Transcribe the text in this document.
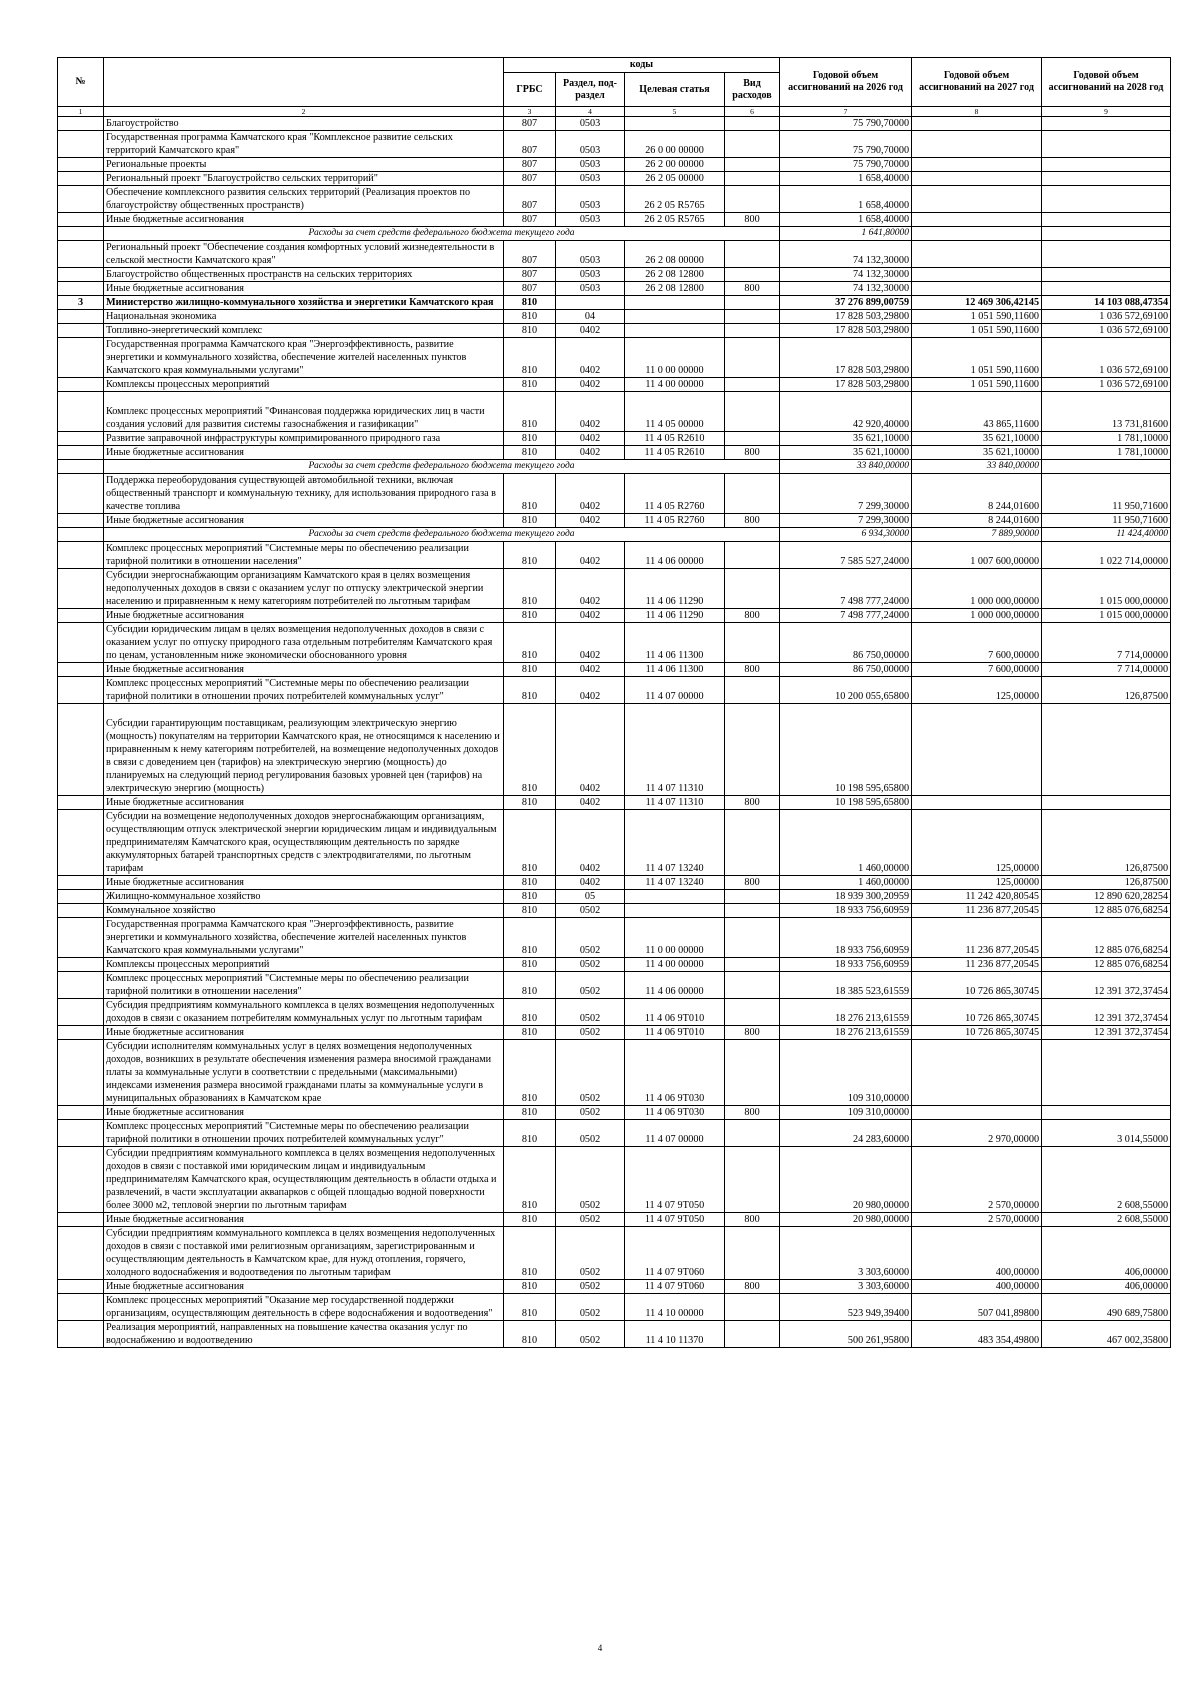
№		коды				Годовой объем ассигнований на 2026 год	Годовой объем ассигнований на 2027 год	Годовой объем ассигнований на 2028 год
		ГРБС	Раздел, под-раздел	Целевая статья	Вид расходов			
1	2	3	4	5	6	7	8	9
	Благоустройство	807	0503			75 790,70000		
	Государственная программа Камчатского края "Комплексное развитие сельских территорий Камчатского края"	807	0503	26 0 00 00000		75 790,70000		
	Региональные проекты	807	0503	26 2 00 00000		75 790,70000		
	Региональный проект "Благоустройство сельских территорий"	807	0503	26 2 05 00000		1 658,40000		
	Обеспечение комплексного развития сельских территорий (Реализация проектов по благоустройству общественных пространств)	807	0503	26 2 05 R5765		1 658,40000		
	Иные бюджетные ассигнования	807	0503	26 2 05 R5765	800	1 658,40000		
	Расходы за счет средств федерального бюджета текущего года					1 641,80000		
	Региональный проект "Обеспечение создания комфортных условий жизнедеятельности в сельской местности Камчатского края"	807	0503	26 2 08 00000		74 132,30000		
	Благоустройство общественных пространств на сельских территориях	807	0503	26 2 08 12800		74 132,30000		
	Иные бюджетные ассигнования	807	0503	26 2 08 12800	800	74 132,30000		
3	Министерство жилищно-коммунального хозяйства и энергетики Камчатского края	810				37 276 899,00759	12 469 306,42145	14 103 088,47354
	Национальная экономика	810	04			17 828 503,29800	1 051 590,11600	1 036 572,69100
	Топливно-энергетический комплекс	810	0402			17 828 503,29800	1 051 590,11600	1 036 572,69100
	Государственная программа Камчатского края "Энергоэффективность, развитие энергетики и коммунального хозяйства, обеспечение жителей населенных пунктов Камчатского края коммунальными услугами"	810	0402	11 0 00 00000		17 828 503,29800	1 051 590,11600	1 036 572,69100
	Комплексы процессных мероприятий	810	0402	11 4 00 00000		17 828 503,29800	1 051 590,11600	1 036 572,69100
	Комплекс процессных мероприятий "Финансовая поддержка юридических лиц в части создания условий для развития системы газоснабжения и газификации"	810	0402	11 4 05 00000		42 920,40000	43 865,11600	13 731,81600
	Развитие заправочной инфраструктуры компримированного природного газа	810	0402	11 4 05 R2610		35 621,10000	35 621,10000	1 781,10000
	Иные бюджетные ассигнования	810	0402	11 4 05 R2610	800	35 621,10000	35 621,10000	1 781,10000
	Расходы за счет средств федерального бюджета текущего года					33 840,00000	33 840,00000	
	Поддержка переоборудования существующей автомобильной техники, включая общественный транспорт и коммунальную технику, для использования природного газа в качестве топлива	810	0402	11 4 05 R2760		7 299,30000	8 244,01600	11 950,71600
	Иные бюджетные ассигнования	810	0402	11 4 05 R2760	800	7 299,30000	8 244,01600	11 950,71600
	Расходы за счет средств федерального бюджета текущего года					6 934,30000	7 889,90000	11 424,40000
	Комплекс процессных мероприятий "Системные меры по обеспечению реализации тарифной политики в отношении населения"	810	0402	11 4 06 00000		7 585 527,24000	1 007 600,00000	1 022 714,00000
	Субсидии энергоснабжающим организациям Камчатского края в целях возмещения недополученных доходов в связи с оказанием услуг по отпуску электрической энергии населению и приравненным к нему категориям потребителей по льготным тарифам	810	0402	11 4 06 11290		7 498 777,24000	1 000 000,00000	1 015 000,00000
	Иные бюджетные ассигнования	810	0402	11 4 06 11290	800	7 498 777,24000	1 000 000,00000	1 015 000,00000
	Субсидии юридическим лицам в целях возмещения недополученных доходов в связи с оказанием услуг по отпуску природного газа отдельным потребителям Камчатского края по ценам, установленным ниже экономически обоснованного уровня	810	0402	11 4 06 11300		86 750,00000	7 600,00000	7 714,00000
	Иные бюджетные ассигнования	810	0402	11 4 06 11300	800	86 750,00000	7 600,00000	7 714,00000
	Комплекс процессных мероприятий "Системные меры по обеспечению реализации тарифной политики в отношении прочих потребителей коммунальных услуг"	810	0402	11 4 07 00000		10 200 055,65800	125,00000	126,87500
	Субсидии гарантирующим поставщикам, реализующим электрическую энергию (мощность) покупателям на территории Камчатского края, не относящимся к населению и приравненным к нему категориям потребителей, на возмещение недополученных доходов в связи с доведением цен (тарифов) на электрическую энергию (мощность) до планируемых на следующий период регулирования базовых уровней цен (тарифов) на электрическую энергию (мощность)	810	0402	11 4 07 11310		10 198 595,65800		
	Иные бюджетные ассигнования	810	0402	11 4 07 11310	800	10 198 595,65800		
	Субсидии на возмещение недополученных доходов энергоснабжающим организациям, осуществляющим отпуск электрической энергии юридическим лицам и индивидуальным предпринимателям Камчатского края, осуществляющим деятельность по зарядке аккумуляторных батарей транспортных средств с электродвигателями, по льготным тарифам	810	0402	11 4 07 13240		1 460,00000	125,00000	126,87500
	Иные бюджетные ассигнования	810	0402	11 4 07 13240	800	1 460,00000	125,00000	126,87500
	Жилищно-коммунальное хозяйство	810	05			18 939 300,20959	11 242 420,80545	12 890 620,28254
	Коммунальное хозяйство	810	0502			18 933 756,60959	11 236 877,20545	12 885 076,68254
	Государственная программа Камчатского края "Энергоэффективность, развитие энергетики и коммунального хозяйства, обеспечение жителей населенных пунктов Камчатского края коммунальными услугами"	810	0502	11 0 00 00000		18 933 756,60959	11 236 877,20545	12 885 076,68254
	Комплексы процессных мероприятий	810	0502	11 4 00 00000		18 933 756,60959	11 236 877,20545	12 885 076,68254
	Комплекс процессных мероприятий "Системные меры по обеспечению реализации тарифной политики в отношении населения"	810	0502	11 4 06 00000		18 385 523,61559	10 726 865,30745	12 391 372,37454
	Субсидия предприятиям коммунального комплекса в целях возмещения недополученных доходов в связи с оказанием потребителям коммунальных услуг по льготным тарифам	810	0502	11 4 06 9Т010		18 276 213,61559	10 726 865,30745	12 391 372,37454
	Иные бюджетные ассигнования	810	0502	11 4 06 9Т010	800	18 276 213,61559	10 726 865,30745	12 391 372,37454
	Субсидии исполнителям коммунальных услуг в целях возмещения недополученных доходов, возникших в результате обеспечения изменения размера вносимой гражданами платы за коммунальные услуги в соответствии с предельными (максимальными) индексами изменения размера вносимой гражданами платы за коммунальные услуги в муниципальных образованиях в Камчатском крае	810	0502	11 4 06 9Т030		109 310,00000		
	Иные бюджетные ассигнования	810	0502	11 4 06 9Т030	800	109 310,00000		
	Комплекс процессных мероприятий "Системные меры по обеспечению реализации тарифной политики в отношении прочих потребителей коммунальных услуг"	810	0502	11 4 07 00000		24 283,60000	2 970,00000	3 014,55000
	Субсидии предприятиям коммунального комплекса в целях возмещения недополученных доходов в связи с поставкой ими юридическим лицам и индивидуальным предпринимателям Камчатского края, осуществляющим деятельность в области отдыха и развлечений, в части эксплуатации аквапарков с общей площадью водной поверхности более 3000 м2, тепловой энергии по льготным тарифам	810	0502	11 4 07 9Т050		20 980,00000	2 570,00000	2 608,55000
	Иные бюджетные ассигнования	810	0502	11 4 07 9Т050	800	20 980,00000	2 570,00000	2 608,55000
	Субсидии предприятиям коммунального комплекса в целях возмещения недополученных доходов в связи с поставкой ими религиозным организациям, зарегистрированным и осуществляющим деятельность в Камчатском крае, для нужд отопления, горячего, холодного водоснабжения и водоотведения по льготным тарифам	810	0502	11 4 07 9Т060		3 303,60000	400,00000	406,00000
	Иные бюджетные ассигнования	810	0502	11 4 07 9Т060	800	3 303,60000	400,00000	406,00000
	Комплекс процессных мероприятий "Оказание мер государственной поддержки организациям, осуществляющим деятельность в сфере водоснабжения и водоотведения"	810	0502	11 4 10 00000		523 949,39400	507 041,89800	490 689,75800
	Реализация мероприятий, направленных на повышение качества оказания услуг по водоснабжению и водоотведению	810	0502	11 4 10 11370		500 261,95800	483 354,49800	467 002,35800
4
